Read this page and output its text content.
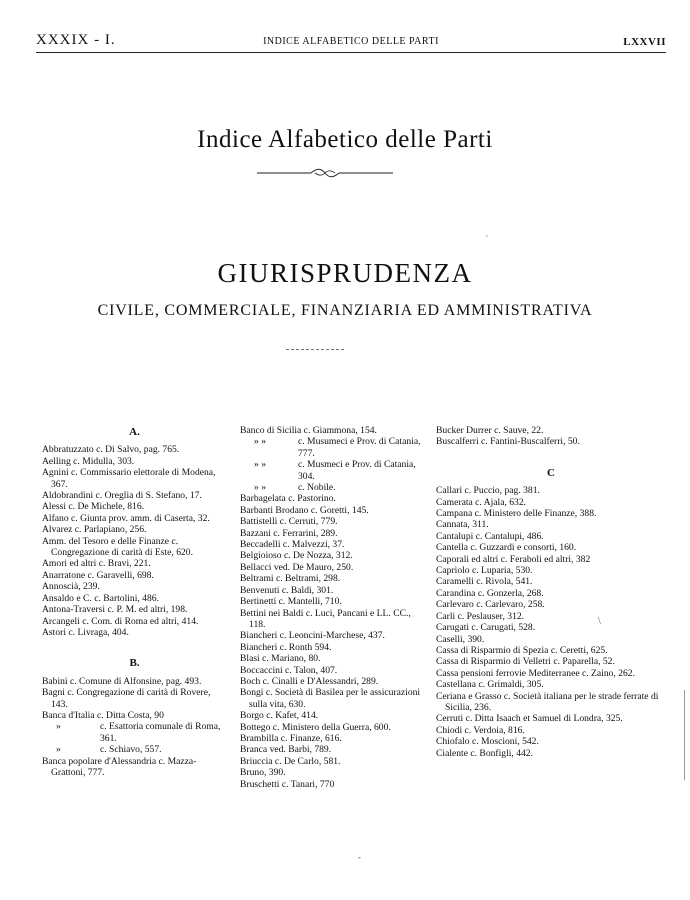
XXXIX - I.	INDICE ALFABETICO DELLE PARTI	LXXVII
Indice Alfabetico delle Parti
GIURISPRUDENZA
CIVILE, COMMERCIALE, FINANZIARIA ED AMMINISTRATIVA
A.
Abbratuzzato c. Di Salvo, pag. 765.
Aelling c. Midulla, 303.
Agnini c. Commissario elettorale di Modena, 367.
Aldobrandini c. Oreglia di S. Stefano, 17.
Alessi c. De Michele, 816.
Alfano c. Giunta prov. amm. di Caserta, 32.
Alvarez c. Parlapiano, 256.
Amm. del Tesoro e delle Finanze c. Congregazione di carità di Este, 620.
Amori ed altri c. Bravi, 221.
Anarratone c. Garavelli, 698.
Annoscià, 239.
Ansaldo e C. c. Bartolini, 486.
Antona-Traversi c. P. M. ed altri, 198.
Arcangeli c. Com. di Roma ed altri, 414.
Astori c. Livraga, 404.
B.
Babini c. Comune di Alfonsine, pag. 493.
Bagni c. Congregazione di carità di Rovere, 143.
Banca d'Italia c. Ditta Costa, 90
»	c. Esattoria comunale di Roma, 361.
»	c. Schiavo, 557.
Banca popolare d'Alessandria c. Mazza-Grattoni, 777.
Banco di Sicilia c. Giammona, 154.
» »	c. Musumeci e Prov. di Catania, 777.
» »	c. Musmeci e Prov. di Catania, 304.
» »	c. Nobile.
Barbagelata c. Pastorino.
Barbanti Brodano c. Goretti, 145.
Battistelli c. Cerruti, 779.
Bazzani c. Ferrarini, 289.
Beccadelli c. Malvezzi, 37.
Belgioioso c. De Nozza, 312.
Bellacci ved. De Mauro, 250.
Beltrami c. Beltrami, 298.
Benvenuti c. Baldi, 301.
Bertinetti c. Mantelli, 710.
Bettini nei Baldi c. Luci, Pancani e LL. CC., 118.
Biancheri c. Leoncini-Marchese, 437.
Biancheri c. Ronth 594.
Blasi c. Mariano, 80.
Boccaccini c. Talon, 407.
Boch c. Cinalli e D'Alessandri, 289.
Bongi c. Società di Basilea per le assicurazioni sulla vita, 630.
Borgo c. Kafet, 414.
Bottego c. Ministero della Guerra, 600.
Brambilla c. Finanze, 616.
Branca ved. Barbi, 789.
Briuccia c. De Carlo, 581.
Bruno, 390.
Bruschetti c. Tanari, 770
Bucker Durrer c. Sauve, 22.
Buscalferri c. Fantini-Buscalferri, 50.
C
Callari c. Puccio, pag. 381.
Camerata c. Ajala, 632.
Campana c. Ministero delle Finanze, 388.
Cannata, 311.
Cantalupi c. Cantalupi, 486.
Cantella c. Guzzardi e consorti, 160.
Caporali ed altri c. Feraboli ed altri, 382
Capriolo c. Luparia, 530.
Caramelli c. Rivola, 541.
Carandina c. Gonzerla, 268.
Carlevaro c. Carlevaro, 258.
Carli c. Peslauser, 312.
Carugati c. Carugati, 528.
Caselli, 390.
Cassa di Risparmio di Spezia c. Ceretti, 625.
Cassa di Risparmio di Velletri c. Paparella, 52.
Cassa pensioni ferrovie Mediterranee c. Zaino, 262.
Castellana c. Grimaldi, 305.
Ceriana e Grasso c. Società italiana per le strade ferrate di Sicilia, 236.
Cerruti c. Ditta Isaach et Samuel di Londra, 325.
Chiodi c. Verdoia, 816.
Chiofalo c. Moscioni, 542.
Cialente c. Bonfigli, 442.
-
\
'
